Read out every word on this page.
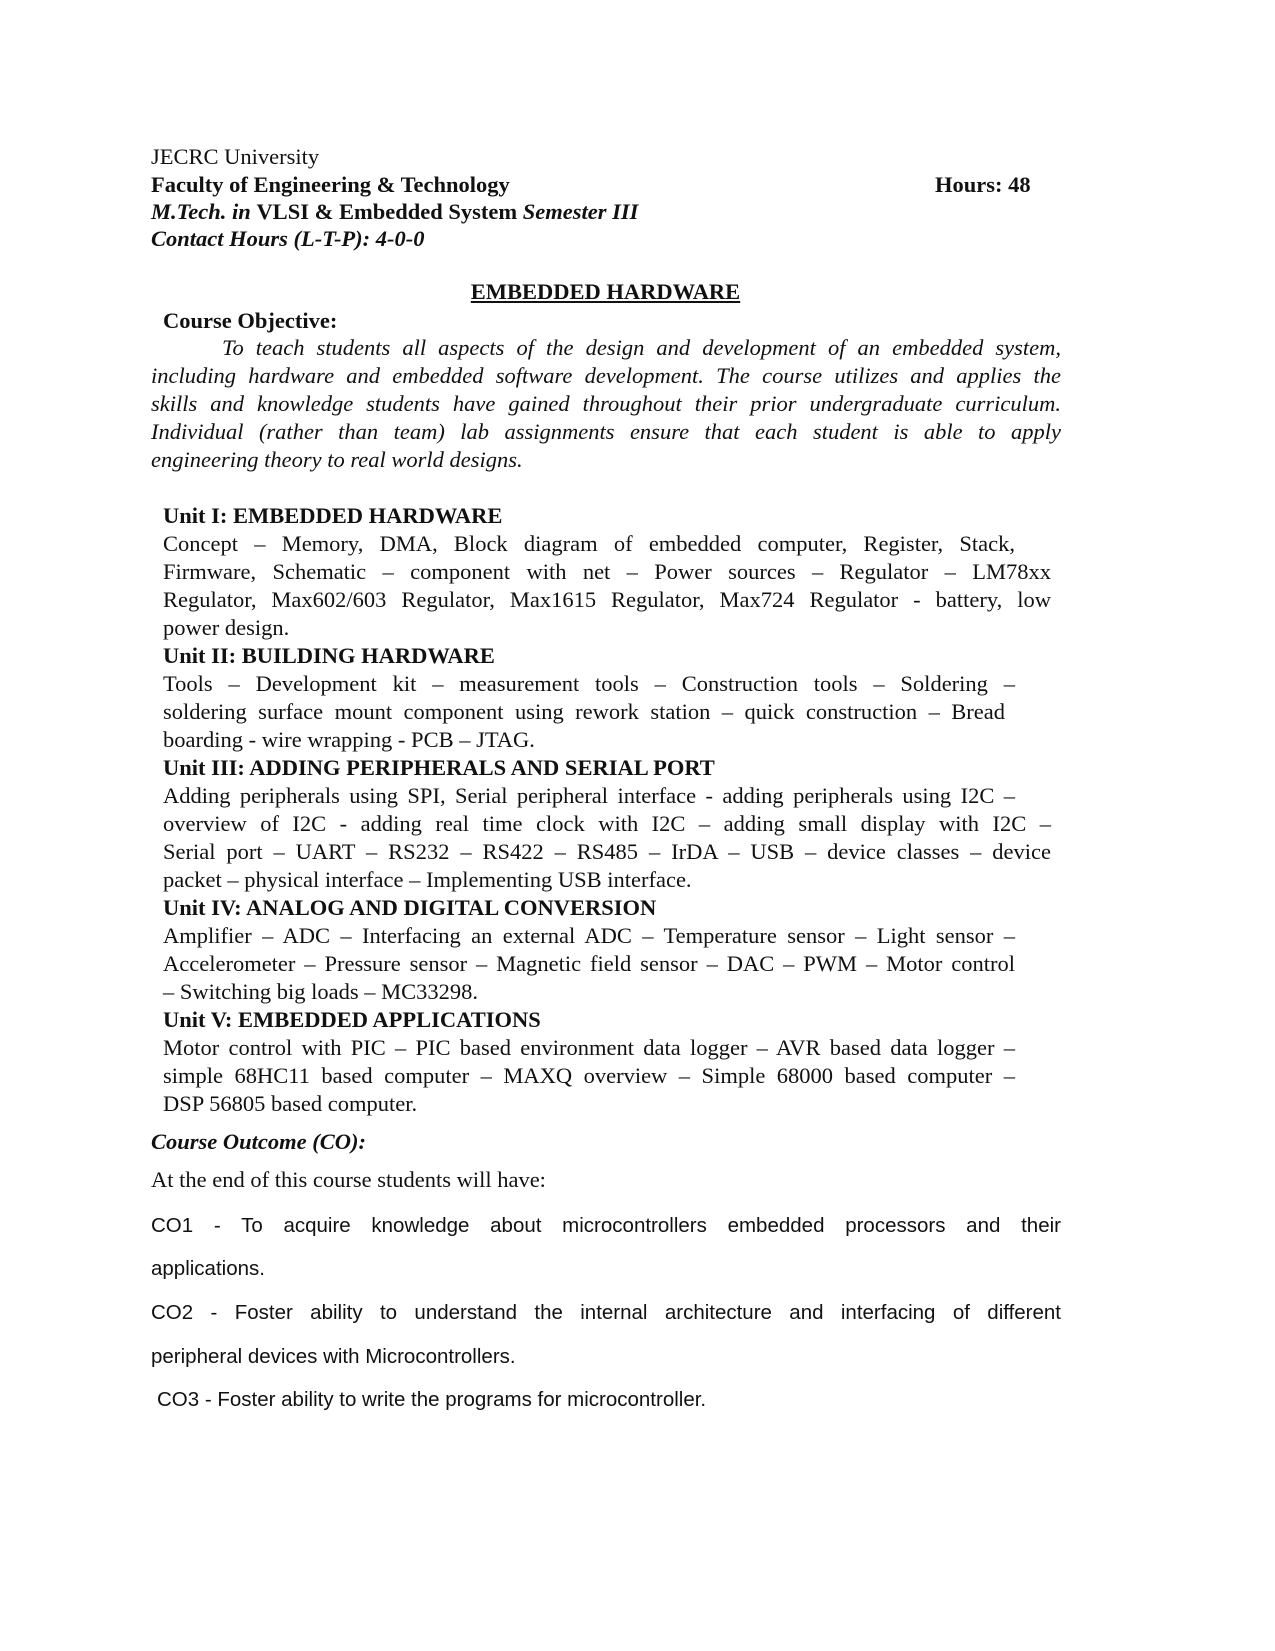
JECRC University
Faculty of Engineering & Technology	Hours: 48
M.Tech. in VLSI & Embedded System Semester III
Contact Hours (L-T-P): 4-0-0
EMBEDDED HARDWARE
Course Objective:
To teach students all aspects of the design and development of an embedded system,
including hardware and embedded software development. The course utilizes and applies the
skills and knowledge students have gained throughout their prior undergraduate curriculum.
Individual (rather than team) lab assignments ensure that each student is able to apply
engineering theory to real world designs.
Unit I: EMBEDDED HARDWARE
Concept – Memory, DMA, Block diagram of embedded computer, Register, Stack,
Firmware, Schematic – component with net – Power sources – Regulator – LM78xx
Regulator, Max602/603 Regulator, Max1615 Regulator, Max724 Regulator - battery, low
power design.
Unit II: BUILDING HARDWARE
Tools – Development kit – measurement tools – Construction tools – Soldering –
soldering surface mount component using rework station – quick construction – Bread
boarding - wire wrapping - PCB – JTAG.
Unit III: ADDING PERIPHERALS AND SERIAL PORT
Adding peripherals using SPI, Serial peripheral interface - adding peripherals using I2C –
overview of I2C - adding real time clock with I2C – adding small display with I2C –
Serial port – UART – RS232 – RS422 – RS485 – IrDA – USB – device classes – device
packet – physical interface – Implementing USB interface.
Unit IV: ANALOG AND DIGITAL CONVERSION
Amplifier – ADC – Interfacing an external ADC – Temperature sensor – Light sensor –
Accelerometer – Pressure sensor – Magnetic field sensor – DAC – PWM – Motor control
– Switching big loads – MC33298.
Unit V: EMBEDDED APPLICATIONS
Motor control with PIC – PIC based environment data logger – AVR based data logger –
simple 68HC11 based computer – MAXQ overview – Simple 68000 based computer –
DSP 56805 based computer.
Course Outcome (CO):
At the end of this course students will have:
CO1 - To acquire knowledge about microcontrollers embedded processors and their
applications.
CO2 - Foster ability to understand the internal architecture and interfacing of different
peripheral devices with Microcontrollers.
CO3 - Foster ability to write the programs for microcontroller.
